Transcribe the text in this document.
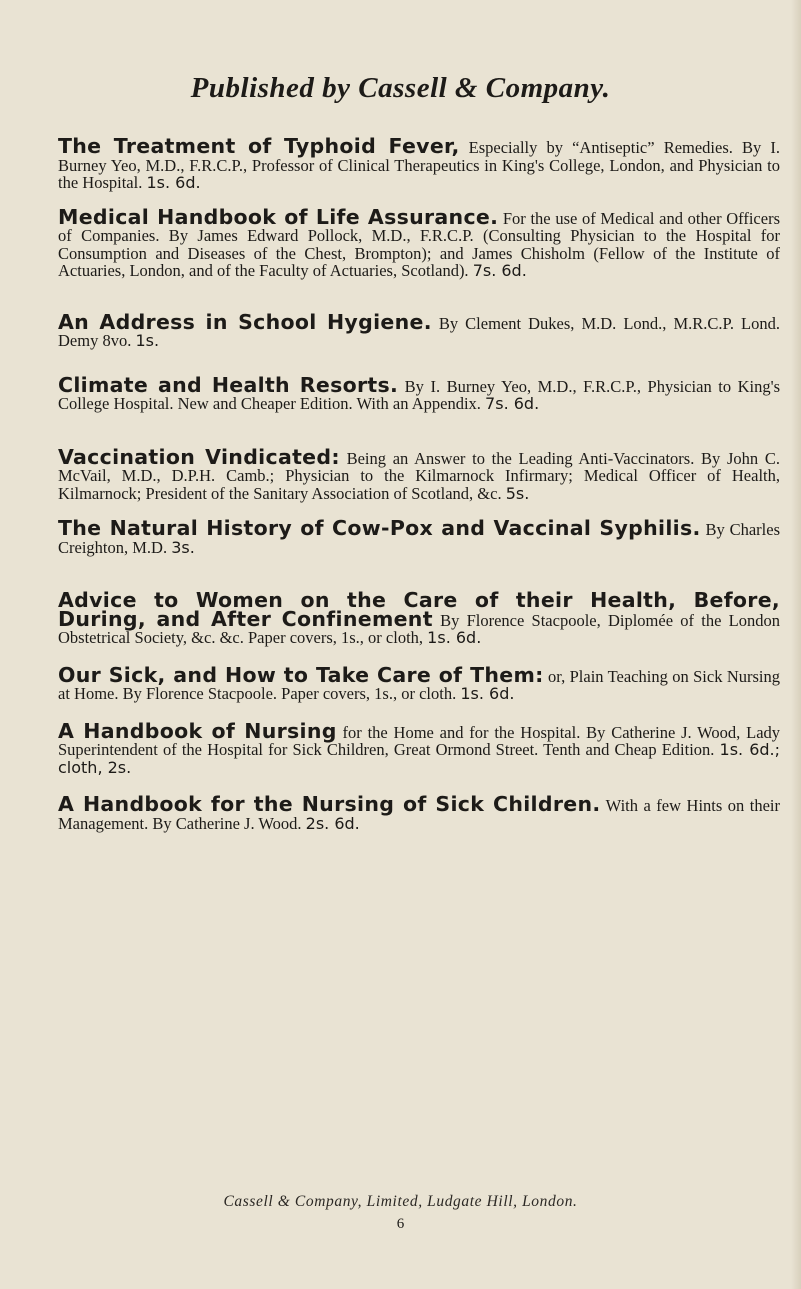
Published by Cassell & Company.

The Treatment of Typhoid Fever, Especially by “Antiseptic” Remedies. By I. Burney Yeo, M.D., F.R.C.P., Professor of Clinical Therapeutics in King's College, London, and Physician to the Hospital. 1s. 6d.

Medical Handbook of Life Assurance. For the use of Medical and other Officers of Companies. By James Edward Pollock, M.D., F.R.C.P. (Consulting Physician to the Hospital for Consumption and Diseases of the Chest, Brompton); and James Chisholm (Fellow of the Institute of Actuaries, London, and of the Faculty of Actuaries, Scotland). 7s. 6d.

An Address in School Hygiene. By Clement Dukes, M.D. Lond., M.R.C.P. Lond. Demy 8vo. 1s.

Climate and Health Resorts. By I. Burney Yeo, M.D., F.R.C.P., Physician to King's College Hospital. New and Cheaper Edition. With an Appendix. 7s. 6d.

Vaccination Vindicated: Being an Answer to the Leading Anti-Vaccinators. By John C. McVail, M.D., D.P.H. Camb.; Physician to the Kilmarnock Infirmary; Medical Officer of Health, Kilmarnock; President of the Sanitary Association of Scotland, &c. 5s.

The Natural History of Cow-Pox and Vaccinal Syphilis. By Charles Creighton, M.D. 3s.

Advice to Women on the Care of their Health, Before, During, and After Confinement By Florence Stacpoole, Diplomée of the London Obstetrical Society, &c. &c. Paper covers, 1s., or cloth, 1s. 6d.

Our Sick, and How to Take Care of Them: or, Plain Teaching on Sick Nursing at Home. By Florence Stacpoole. Paper covers, 1s., or cloth. 1s. 6d.

A Handbook of Nursing for the Home and for the Hospital. By Catherine J. Wood, Lady Superintendent of the Hospital for Sick Children, Great Ormond Street. Tenth and Cheap Edition. 1s. 6d.; cloth, 2s.

A Handbook for the Nursing of Sick Children. With a few Hints on their Management. By Catherine J. Wood. 2s. 6d.

Cassell & Company, Limited, Ludgate Hill, London.
6
